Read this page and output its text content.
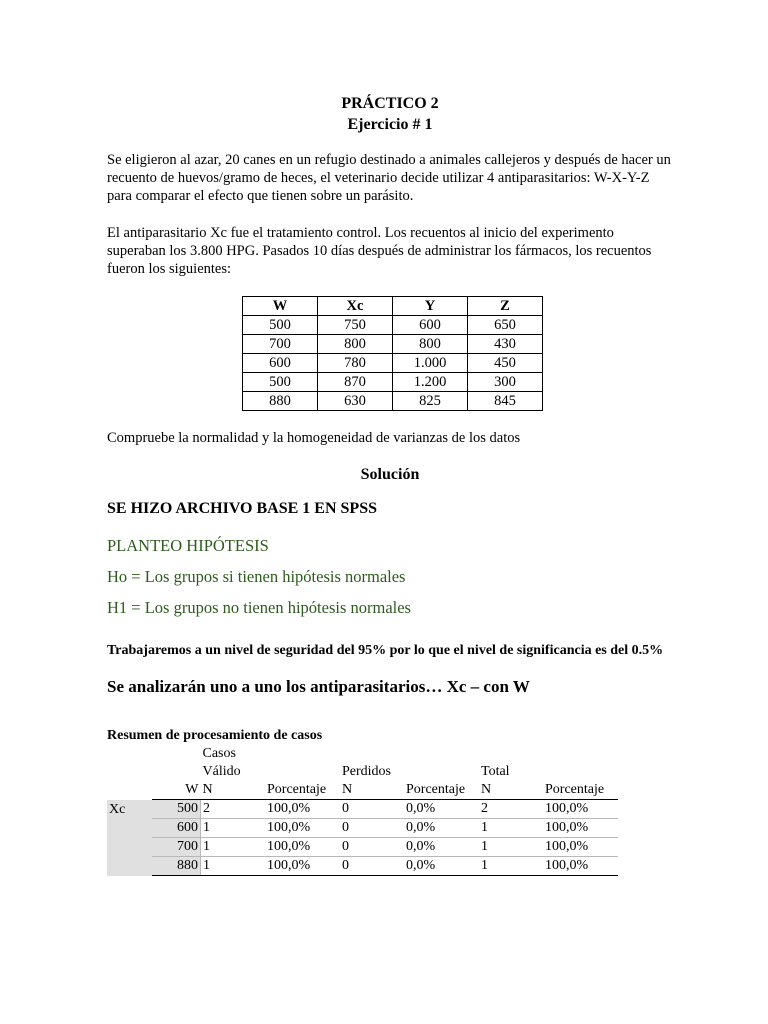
PRÁCTICO 2
Ejercicio # 1

Se eligieron al azar, 20 canes en un refugio destinado a animales callejeros y después de hacer un recuento de huevos/gramo de heces, el veterinario decide utilizar 4 antiparasitarios: W-X-Y-Z para comparar el efecto que tienen sobre un parásito.

El antiparasitario Xc fue el tratamiento control. Los recuentos al inicio del experimento superaban los 3.800 HPG. Pasados 10 días después de administrar los fármacos, los recuentos fueron los siguientes:

W	Xc	Y	Z
500	750	600	650
700	800	800	430
600	780	1.000	450
500	870	1.200	300
880	630	825	845

Compruebe la normalidad y la homogeneidad de varianzas de los datos

Solución
SE HIZO ARCHIVO BASE 1 EN SPSS
PLANTEO HIPÓTESIS
Ho = Los grupos si tienen hipótesis normales
H1 = Los grupos no tienen hipótesis normales

Trabajaremos a un nivel de seguridad del 95% por lo que el nivel de significancia es del 0.5%

Se analizarán uno a uno los antiparasitarios… Xc – con W
Resumen de procesamiento de casos
		Casos					
		Válido		Perdidos		Total	
	W	N	Porcentaje	N	Porcentaje	N	Porcentaje
Xc	500	2	100,0%	0	0,0%	2	100,0%
	600	1	100,0%	0	0,0%	1	100,0%
	700	1	100,0%	0	0,0%	1	100,0%
	880	1	100,0%	0	0,0%	1	100,0%
